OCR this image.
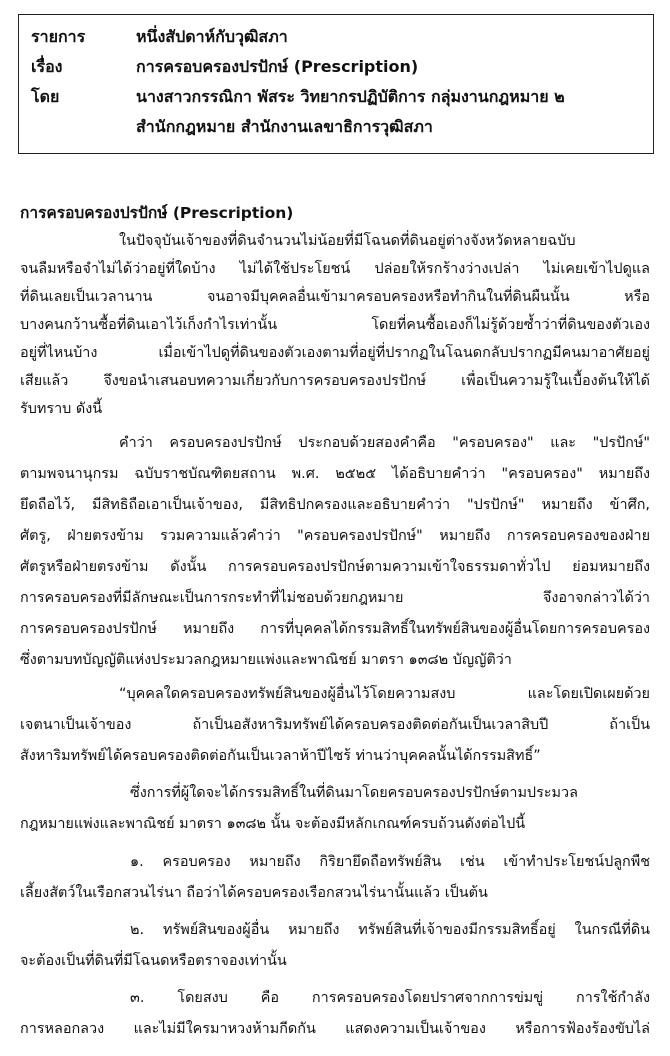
รายการ	หนึ่งสัปดาห์กับวุฒิสภา
เรื่อง	การครอบครองปรปักษ์ (Prescription)
โดย	นางสาวกรรณิกา พัสระ วิทยากรปฏิบัติการ กลุ่มงานกฎหมาย ๒
สำนักกฎหมาย สำนักงานเลขาธิการวุฒิสภา
การครอบครองปรปักษ์ (Prescription)
ในปัจจุบันเจ้าของที่ดินจำนวนไม่น้อยที่มีโฉนดที่ดินอยู่ต่างจังหวัดหลายฉบับ
จนลืมหรือจำไม่ได้ว่าอยู่ที่ใดบ้าง ไม่ได้ใช้ประโยชน์ ปล่อยให้รกร้างว่างเปล่า ไม่เคยเข้าไปดูแล
ที่ดินเลยเป็นเวลานาน จนอาจมีบุคคลอื่นเข้ามาครอบครองหรือทำกินในที่ดินผืนนั้น หรือ
บางคนกว้านซื้อที่ดินเอาไว้เก็งกำไรเท่านั้น โดยที่คนซื้อเองก็ไม่รู้ด้วยซ้ำว่าที่ดินของตัวเอง
อยู่ที่ไหนบ้าง เมื่อเข้าไปดูที่ดินของตัวเองตามที่อยู่ที่ปรากฏในโฉนดกลับปรากฏมีคนมาอาศัยอยู่
เสียแล้ว จึงขอนำเสนอบทความเกี่ยวกับการครอบครองปรปักษ์ เพื่อเป็นความรู้ในเบื้องต้นให้ได้
รับทราบ ดังนี้
คำว่า ครอบครองปรปักษ์ ประกอบด้วยสองคำคือ "ครอบครอง" และ "ปรปักษ์"
ตามพจนานุกรม ฉบับราชบัณฑิตยสถาน พ.ศ. ๒๕๒๕ ได้อธิบายคำว่า "ครอบครอง" หมายถึง
ยึดถือไว้, มีสิทธิถือเอาเป็นเจ้าของ, มีสิทธิปกครองและอธิบายคำว่า "ปรปักษ์" หมายถึง ข้าศึก,
ศัตรู, ฝ่ายตรงข้าม รวมความแล้วคำว่า "ครอบครองปรปักษ์" หมายถึง การครอบครองของฝ่าย
ศัตรูหรือฝ่ายตรงข้าม ดังนั้น การครอบครองปรปักษ์ตามความเข้าใจธรรมดาทั่วไป ย่อมหมายถึง
การครอบครองที่มีลักษณะเป็นการกระทำที่ไม่ชอบด้วยกฎหมาย จึงอาจกล่าวได้ว่า
การครอบครองปรปักษ์ หมายถึง การที่บุคคลได้กรรมสิทธิ์ในทรัพย์สินของผู้อื่นโดยการครอบครอง
ซึ่งตามบทบัญญัติแห่งประมวลกฎหมายแพ่งและพาณิชย์ มาตรา ๑๓๘๒ บัญญัติว่า
“บุคคลใดครอบครองทรัพย์สินของผู้อื่นไว้โดยความสงบ และโดยเปิดเผยด้วย
เจตนาเป็นเจ้าของ ถ้าเป็นอสังหาริมทรัพย์ได้ครอบครองติดต่อกันเป็นเวลาสิบปี ถ้าเป็น
สังหาริมทรัพย์ได้ครอบครองติดต่อกันเป็นเวลาห้าปีไซร้ ท่านว่าบุคคลนั้นได้กรรมสิทธิ์”
ซึ่งการที่ผู้ใดจะได้กรรมสิทธิ์ในที่ดินมาโดยครอบครองปรปักษ์ตามประมวล
กฎหมายแพ่งและพาณิชย์ มาตรา ๑๓๘๒ นั้น จะต้องมีหลักเกณฑ์ครบถ้วนดังต่อไปนี้
๑. ครอบครอง หมายถึง กิริยายึดถือทรัพย์สิน เช่น เข้าทำประโยชน์ปลูกพืช
เลี้ยงสัตว์ในเรือกสวนไร่นา ถือว่าได้ครอบครองเรือกสวนไร่นานั้นแล้ว เป็นต้น
๒. ทรัพย์สินของผู้อื่น หมายถึง ทรัพย์สินที่เจ้าของมีกรรมสิทธิ์อยู่ ในกรณีที่ดิน
จะต้องเป็นที่ดินที่มีโฉนดหรือตราจองเท่านั้น
๓. โดยสงบ คือ การครอบครองโดยปราศจากการข่มขู่ การใช้กำลัง
การหลอกลวง และไม่มีใครมาหวงห้ามกีดกัน แสดงความเป็นเจ้าของ หรือการฟ้องร้องขับไล่
